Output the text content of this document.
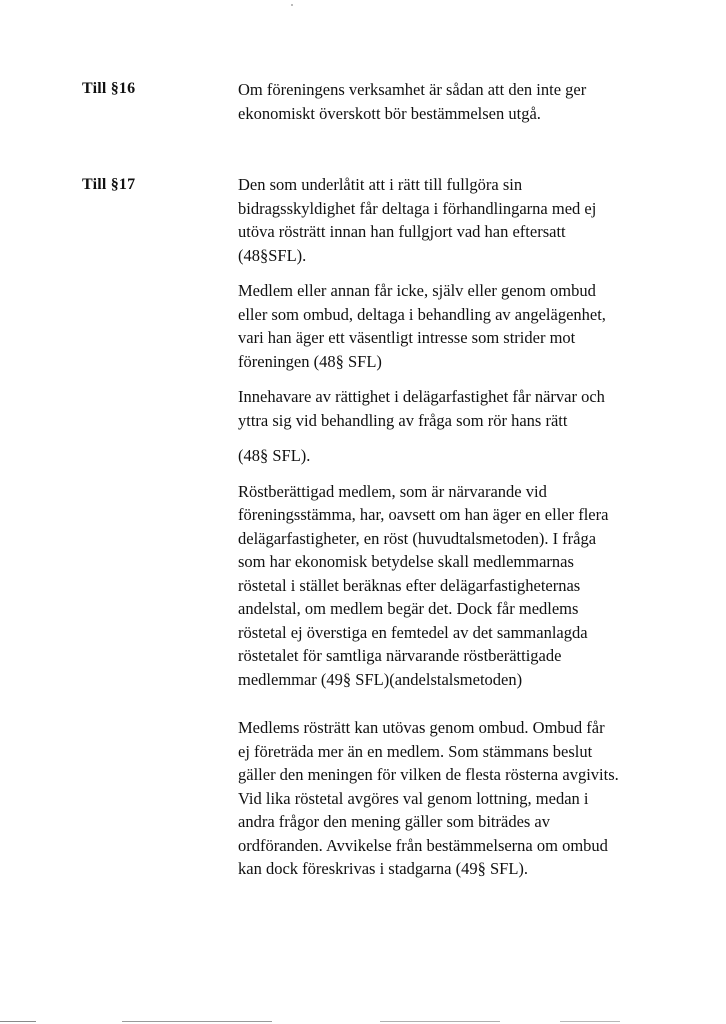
Till §16	Om föreningens verksamhet är sådan att den inte ger
ekonomiskt överskott bör bestämmelsen utgå.

Till §17	Den som underlåtit att i rätt till fullgöra sin
bidragsskyldighet får deltaga i förhandlingarna med ej
utöva rösträtt innan han fullgjort vad han eftersatt
(48§SFL).

Medlem eller annan får icke, själv eller genom ombud
eller som ombud, deltaga i behandling av angelägenhet,
vari han äger ett väsentligt intresse som strider mot
föreningen (48§ SFL)

Innehavare av rättighet i delägarfastighet får närvar och
yttra sig vid behandling av fråga som rör hans rätt

(48§ SFL).

Röstberättigad medlem, som är närvarande vid
föreningsstämma, har, oavsett om han äger en eller flera
delägarfastigheter, en röst (huvudtalsmetoden). I fråga
som har ekonomisk betydelse skall medlemmarnas
röstetal i stället beräknas efter delägarfastigheternas
andelstal, om medlem begär det. Dock får medlems
röstetal ej överstiga en femtedel av det sammanlagda
röstetalet för samtliga närvarande röstberättigade
medlemmar (49§ SFL)(andelstalsmetoden)

Medlems rösträtt kan utövas genom ombud. Ombud får
ej företräda mer än en medlem. Som stämmans beslut
gäller den meningen för vilken de flesta rösterna avgivits.
Vid lika röstetal avgöres val genom lottning, medan i
andra frågor den mening gäller som biträdes av
ordföranden. Avvikelse från bestämmelserna om ombud
kan dock föreskrivas i stadgarna (49§ SFL).
